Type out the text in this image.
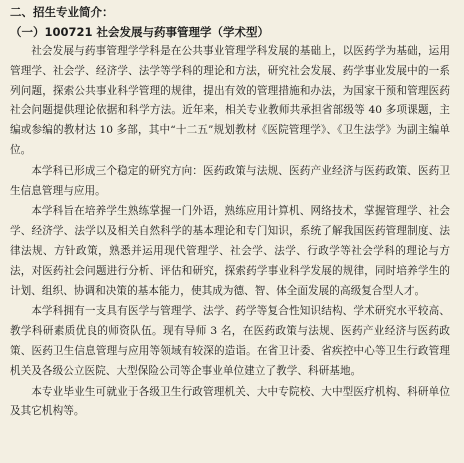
二、招生专业简介：
（一）100721 社会发展与药事管理学（学术型）

社会发展与药事管理学学科是在公共事业管理学科发展的基础上，以医药学为基础，运用管理学、社会学、经济学、法学等学科的理论和方法，研究社会发展、药学事业发展中的一系列问题，探索公共事业科学管理的规律，提出有效的管理措施和办法，为国家干预和管理医药社会问题提供理论依据和科学方法。近年来，相关专业教师共承担省部级等 40 多项课题，主编或参编的教材达 10 多部，其中“十二五”规划教材《医院管理学》、《卫生法学》为副主编单位。

本学科已形成三个稳定的研究方向：医药政策与法规、医药产业经济与医药政策、医药卫生信息管理与应用。

本学科旨在培养学生熟练掌握一门外语，熟练应用计算机、网络技术，掌握管理学、社会学、经济学、法学以及相关自然科学的基本理论和专门知识，系统了解我国医药管理制度、法律法规、方针政策，熟悉并运用现代管理学、社会学、法学、行政学等社会学科的理论与方法，对医药社会问题进行分析、评估和研究，探索药学事业科学发展的规律，同时培养学生的计划、组织、协调和决策的基本能力，使其成为德、智、体全面发展的高级复合型人才。

本学科拥有一支具有医学与管理学、法学、药学等复合性知识结构、学术研究水平较高、教学科研素质优良的师资队伍。现有导师 3 名，在医药政策与法规、医药产业经济与医药政策、医药卫生信息管理与应用等领域有较深的造诣。在省卫计委、省疾控中心等卫生行政管理机关及各级公立医院、大型保险公司等企事业单位建立了教学、科研基地。

本专业毕业生可就业于各级卫生行政管理机关、大中专院校、大中型医疗机构、科研单位及其它机构等。
